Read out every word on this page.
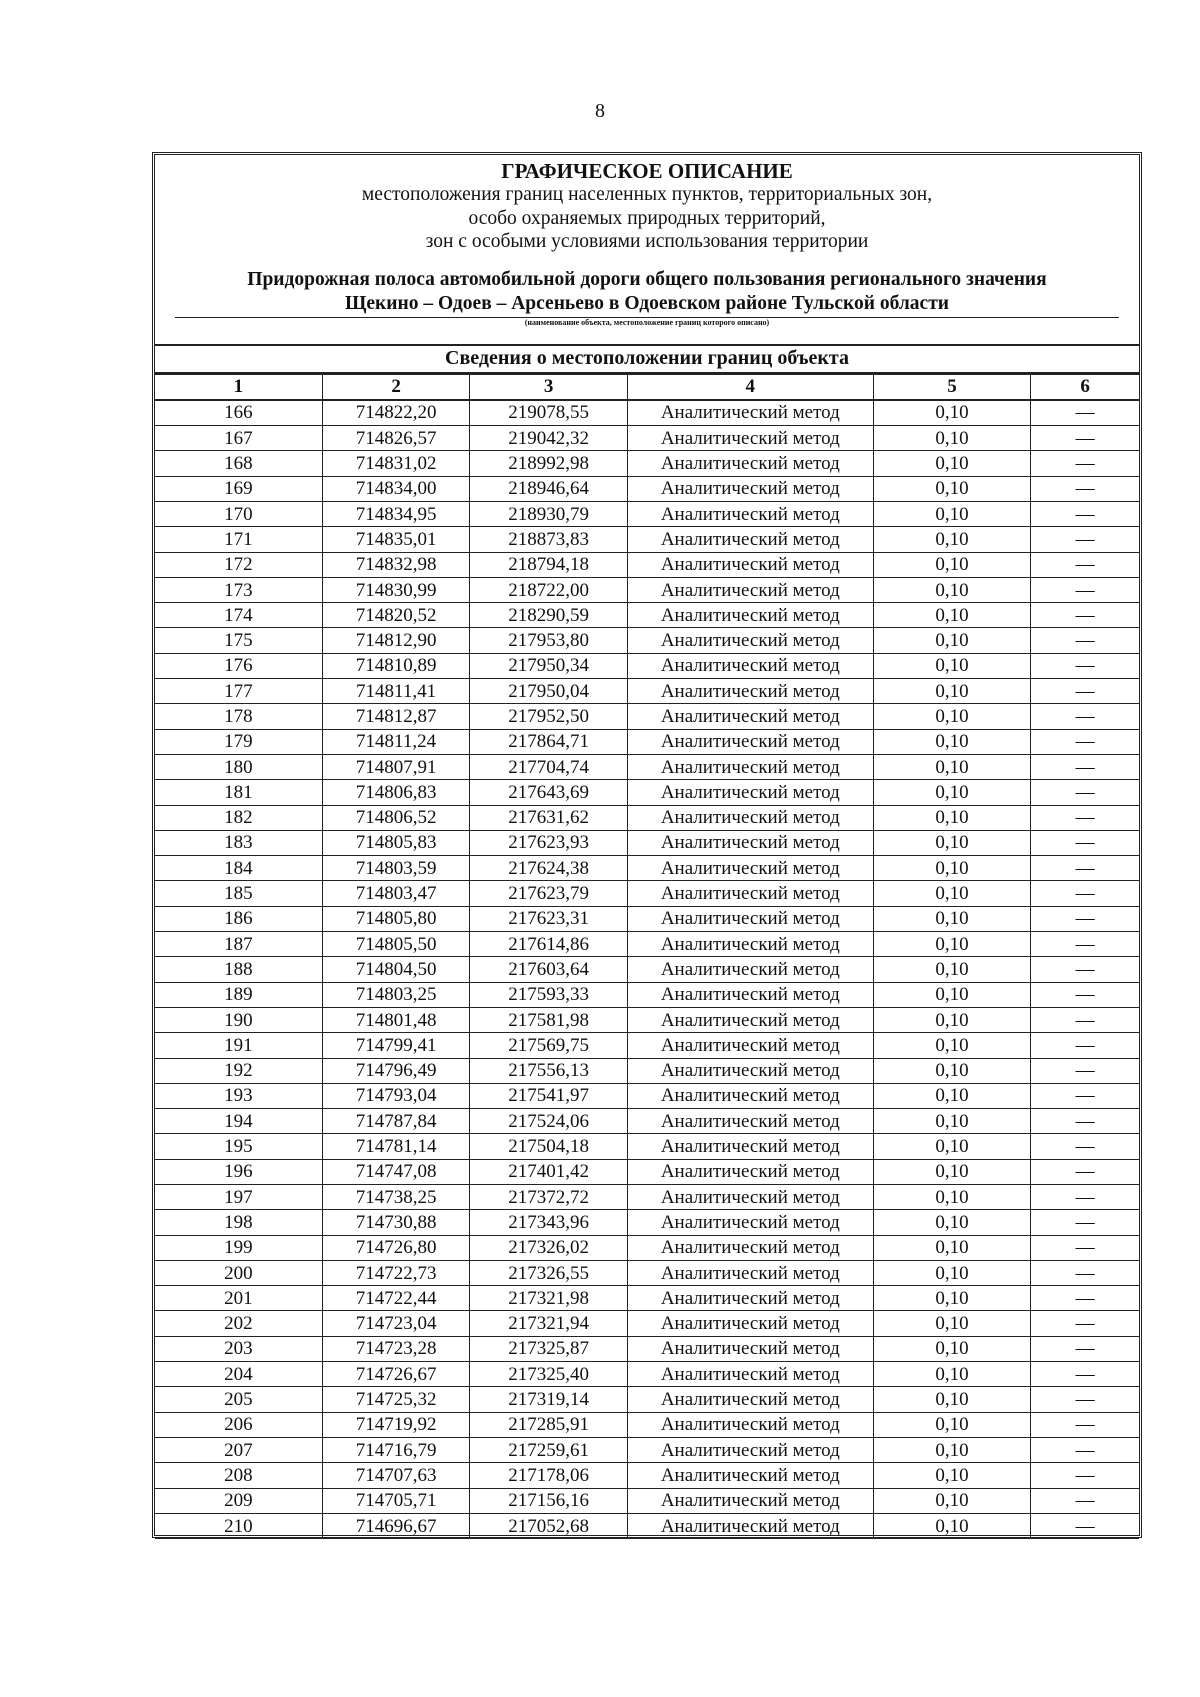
8
ГРАФИЧЕСКОЕ ОПИСАНИЕ
местоположения границ населенных пунктов, территориальных зон,
особо охраняемых природных территорий,
зон с особыми условиями использования территории
Придорожная полоса автомобильной дороги общего пользования регионального значения
Щекино – Одоев – Арсеньево в Одоевском районе Тульской области
(наименование объекта, местоположение границ которого описано)
Сведения о местоположении границ объекта
1	2	3	4	5	6
166	714822,20	219078,55	Аналитический метод	0,10	—
167	714826,57	219042,32	Аналитический метод	0,10	—
168	714831,02	218992,98	Аналитический метод	0,10	—
169	714834,00	218946,64	Аналитический метод	0,10	—
170	714834,95	218930,79	Аналитический метод	0,10	—
171	714835,01	218873,83	Аналитический метод	0,10	—
172	714832,98	218794,18	Аналитический метод	0,10	—
173	714830,99	218722,00	Аналитический метод	0,10	—
174	714820,52	218290,59	Аналитический метод	0,10	—
175	714812,90	217953,80	Аналитический метод	0,10	—
176	714810,89	217950,34	Аналитический метод	0,10	—
177	714811,41	217950,04	Аналитический метод	0,10	—
178	714812,87	217952,50	Аналитический метод	0,10	—
179	714811,24	217864,71	Аналитический метод	0,10	—
180	714807,91	217704,74	Аналитический метод	0,10	—
181	714806,83	217643,69	Аналитический метод	0,10	—
182	714806,52	217631,62	Аналитический метод	0,10	—
183	714805,83	217623,93	Аналитический метод	0,10	—
184	714803,59	217624,38	Аналитический метод	0,10	—
185	714803,47	217623,79	Аналитический метод	0,10	—
186	714805,80	217623,31	Аналитический метод	0,10	—
187	714805,50	217614,86	Аналитический метод	0,10	—
188	714804,50	217603,64	Аналитический метод	0,10	—
189	714803,25	217593,33	Аналитический метод	0,10	—
190	714801,48	217581,98	Аналитический метод	0,10	—
191	714799,41	217569,75	Аналитический метод	0,10	—
192	714796,49	217556,13	Аналитический метод	0,10	—
193	714793,04	217541,97	Аналитический метод	0,10	—
194	714787,84	217524,06	Аналитический метод	0,10	—
195	714781,14	217504,18	Аналитический метод	0,10	—
196	714747,08	217401,42	Аналитический метод	0,10	—
197	714738,25	217372,72	Аналитический метод	0,10	—
198	714730,88	217343,96	Аналитический метод	0,10	—
199	714726,80	217326,02	Аналитический метод	0,10	—
200	714722,73	217326,55	Аналитический метод	0,10	—
201	714722,44	217321,98	Аналитический метод	0,10	—
202	714723,04	217321,94	Аналитический метод	0,10	—
203	714723,28	217325,87	Аналитический метод	0,10	—
204	714726,67	217325,40	Аналитический метод	0,10	—
205	714725,32	217319,14	Аналитический метод	0,10	—
206	714719,92	217285,91	Аналитический метод	0,10	—
207	714716,79	217259,61	Аналитический метод	0,10	—
208	714707,63	217178,06	Аналитический метод	0,10	—
209	714705,71	217156,16	Аналитический метод	0,10	—
210	714696,67	217052,68	Аналитический метод	0,10	—
